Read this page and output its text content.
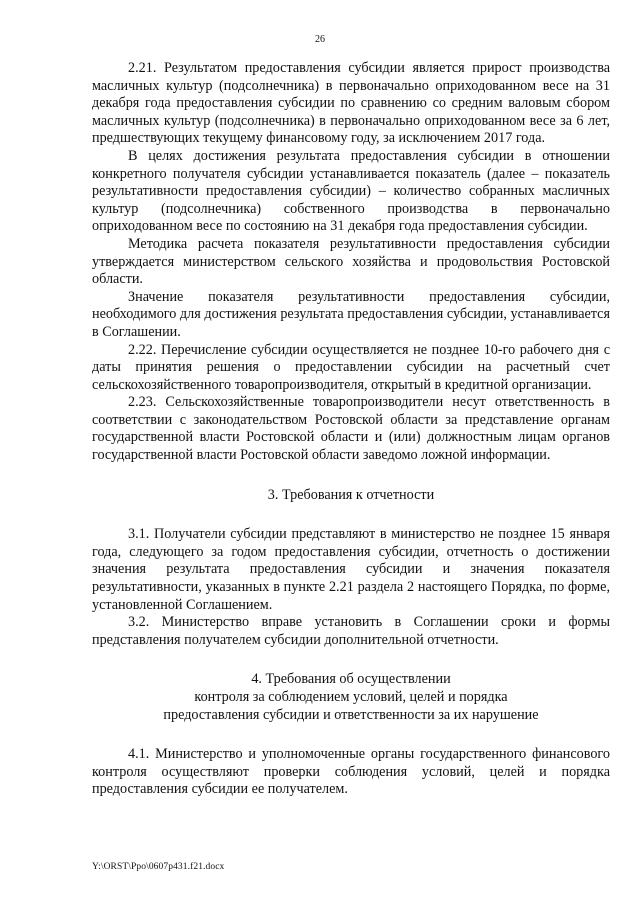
26

2.21. Результатом предоставления субсидии является прирост производства масличных культур (подсолнечника) в первоначально оприходованном весе на 31 декабря года предоставления субсидии по сравнению со средним валовым сбором масличных культур (подсолнечника) в первоначально оприходованном весе за 6 лет, предшествующих текущему финансовому году, за исключением 2017 года.

В целях достижения результата предоставления субсидии в отношении конкретного получателя субсидии устанавливается показатель (далее – показатель результативности предоставления субсидии) – количество собранных масличных культур (подсолнечника) собственного производства в первоначально оприходованном весе по состоянию на 31 декабря года предоставления субсидии.

Методика расчета показателя результативности предоставления субсидии утверждается министерством сельского хозяйства и продовольствия Ростовской области.

Значение показателя результативности предоставления субсидии, необходимого для достижения результата предоставления субсидии, устанавливается в Соглашении.

2.22. Перечисление субсидии осуществляется не позднее 10-го рабочего дня с даты принятия решения о предоставлении субсидии на расчетный счет сельскохозяйственного товаропроизводителя, открытый в кредитной организации.

2.23. Сельскохозяйственные товаропроизводители несут ответственность в соответствии с законодательством Ростовской области за представление органам государственной власти Ростовской области и (или) должностным лицам органов государственной власти Ростовской области заведомо ложной информации.

3. Требования к отчетности

3.1. Получатели субсидии представляют в министерство не позднее 15 января года, следующего за годом предоставления субсидии, отчетность о достижении значения результата предоставления субсидии и значения показателя результативности, указанных в пункте 2.21 раздела 2 настоящего Порядка, по форме, установленной Соглашением.

3.2. Министерство вправе установить в Соглашении сроки и формы представления получателем субсидии дополнительной отчетности.

4. Требования об осуществлении

контроля за соблюдением условий, целей и порядка

предоставления субсидии и ответственности за их нарушение

4.1. Министерство и уполномоченные органы государственного финансового контроля осуществляют проверки соблюдения условий, целей и порядка предоставления субсидии ее получателем.

Y:\ORST\Ppo\0607p431.f21.docx
